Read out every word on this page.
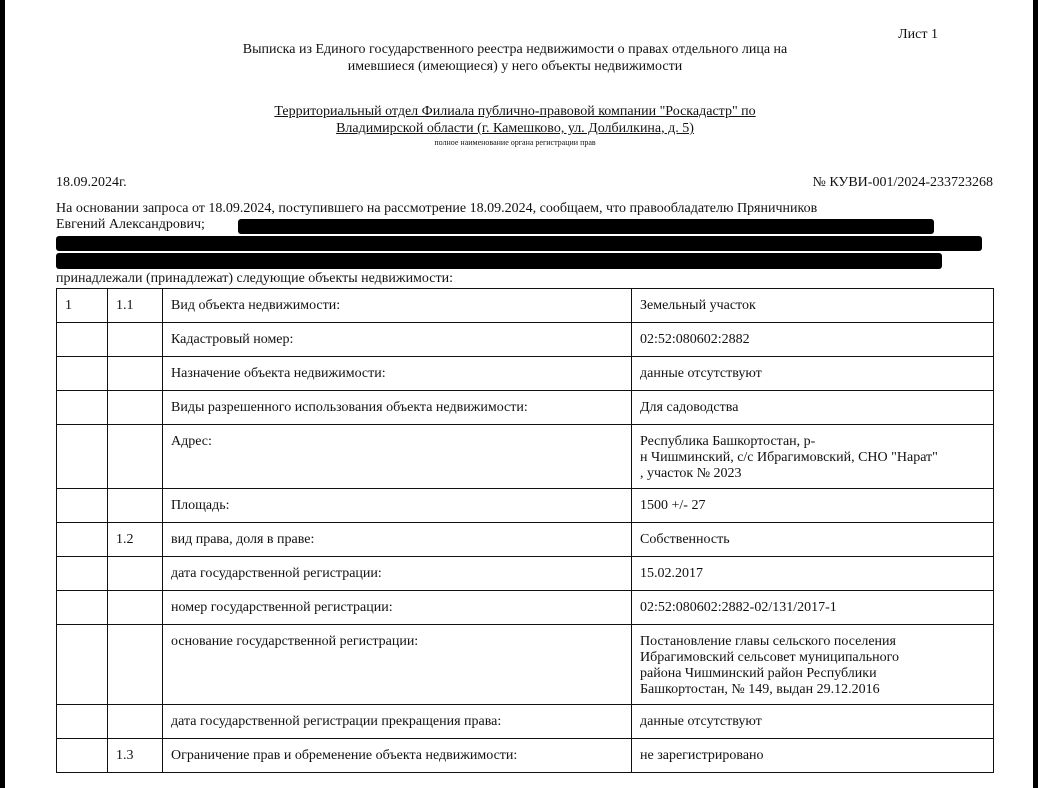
Лист 1
Выписка из Единого государственного реестра недвижимости о правах отдельного лица на
имевшиеся (имеющиеся) у него объекты недвижимости
Территориальный отдел Филиала публично-правовой компании "Роскадастр" по
Владимирской области (г. Камешково, ул. Долбилкина, д. 5)
полное наименование органа регистрации прав
18.09.2024г.	№ КУВИ-001/2024-233723268
На основании запроса от 18.09.2024, поступившего на рассмотрение 18.09.2024, сообщаем, что правообладателю Пряничников
Евгений Александрович;
принадлежали (принадлежат) следующие объекты недвижимости:
1	1.1	Вид объекта недвижимости:	Земельный участок
		Кадастровый номер:	02:52:080602:2882
		Назначение объекта недвижимости:	данные отсутствуют
		Виды разрешенного использования объекта недвижимости:	Для садоводства
		Адрес:	Республика Башкортостан, р-
н Чишминский, с/с Ибрагимовский, СНО "Нарат"
, участок № 2023
		Площадь:	1500 +/- 27
	1.2	вид права, доля в праве:	Собственность
		дата государственной регистрации:	15.02.2017
		номер государственной регистрации:	02:52:080602:2882-02/131/2017-1
		основание государственной регистрации:	Постановление главы сельского поселения
Ибрагимовский сельсовет муниципального
района Чишминский район Республики
Башкортостан, № 149, выдан 29.12.2016
		дата государственной регистрации прекращения права:	данные отсутствуют
	1.3	Ограничение прав и обременение объекта недвижимости:	не зарегистрировано
